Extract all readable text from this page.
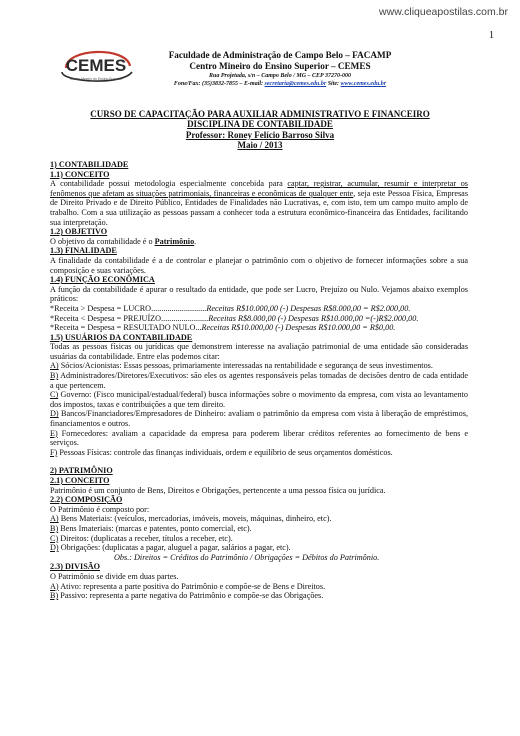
www.cliqueapostilas.com.br
1
CEMES
Centro Mineiro do Ensino Superior
Faculdade de Administração de Campo Belo – FACAMP
Centro Mineiro do Ensino Superior – CEMES
Rua Projetada, s/n – Campo Belo / MG – CEP 37270-000
Fone/Fax: (35)3832-7855 – E-mail: secretaria@cemes.edu.br Site: www.cemes.edu.br
CURSO DE CAPACITAÇÃO PARA AUXILIAR ADMINISTRATIVO E FINANCEIRO
DISCIPLINA DE CONTABILIDADE
Professor: Roney Felício Barroso Silva
Maio / 2013

1) CONTABILIDADE

1.1) CONCEITO

A contabilidade possui metodologia especialmente concebida para captar, registrar, acumular, resumir e interpretar os fenômenos que afetam as situações patrimoniais, financeiras e econômicas de qualquer ente, seja este Pessoa Física, Empresas de Direito Privado e de Direito Público, Entidades de Finalidades não Lucrativas, e, com isto, tem um campo muito amplo de trabalho. Com a sua utilização as pessoas passam a conhecer toda a estrutura econômico-financeira das Entidades, facilitando sua interpretação.

1.2) OBJETIVO

O objetivo da contabilidade é o Patrimônio.

1.3) FINALIDADE

A finalidade da contabilidade é a de controlar e planejar o patrimônio com o objetivo de fornecer informações sobre a sua composição e suas variações.

1.4) FUNÇÃO ECONÔMICA

A função da contabilidade é apurar o resultado da entidade, que pode ser Lucro, Prejuízo ou Nulo. Vejamos abaixo exemplos práticos:

*Receita > Despesa = LUCRO...........................Receitas R$10.000,00 (-) Despesas R$8.000,00 = R$2.000,00.

*Receita < Despesa = PREJUÍZO.......................Receitas R$8.000,00 (-) Despesas R$10.000,00 =(-)R$2.000,00.

*Receita = Despesa = RESULTADO NULO...Receitas R$10.000,00 (-) Despesas R$10.000,00 = R$0,00.

1.5) USUÁRIOS DA CONTABILIDADE

Todas as pessoas físicas ou jurídicas que demonstrem interesse na avaliação patrimonial de uma entidade são consideradas usuárias da contabilidade. Entre elas podemos citar:

A) Sócios/Acionistas: Essas pessoas, primariamente interessadas na rentabilidade e segurança de seus investimentos.

B) Administradores/Diretores/Executivos: são eles os agentes responsáveis pelas tomadas de decisões dentro de cada entidade a que pertencem.

C) Governo: (Fisco municipal/estadual/federal) busca informações sobre o movimento da empresa, com vista ao levantamento dos impostos, taxas e contribuições a que tem direito.

D) Bancos/Financiadores/Empresadores de Dinheiro: avaliam o patrimônio da empresa com vista à liberação de empréstimos, financiamentos e outros.

E) Fornecedores: avaliam a capacidade da empresa para poderem liberar créditos referentes ao fornecimento de bens e serviços.

F) Pessoas Físicas: controle das finanças individuais, ordem e equilíbrio de seus orçamentos domésticos.

2) PATRIMÔNIO

2.1) CONCEITO

Patrimônio é um conjunto de Bens, Direitos e Obrigações, pertencente a uma pessoa física ou jurídica.

2.2) COMPOSIÇÃO

O Patrimônio é composto por:

A) Bens Materiais: (veículos, mercadorias, imóveis, moveis, máquinas, dinheiro, etc).

B) Bens Imateriais: (marcas e patentes, ponto comercial, etc).

C) Direitos: (duplicatas a receber, títulos a receber, etc).

D) Obrigações: (duplicatas a pagar, aluguel a pagar, salários a pagar, etc).

Obs.: Direitos = Créditos do Patrimônio / Obrigações = Débitos do Patrimônio.

2.3) DIVISÃO

O Patrimônio se divide em duas partes.

A) Ativo: representa a parte positiva do Patrimônio e compõe-se de Bens e Direitos.

B) Passivo: representa a parte negativa do Patrimônio e compõe-se das Obrigações.
